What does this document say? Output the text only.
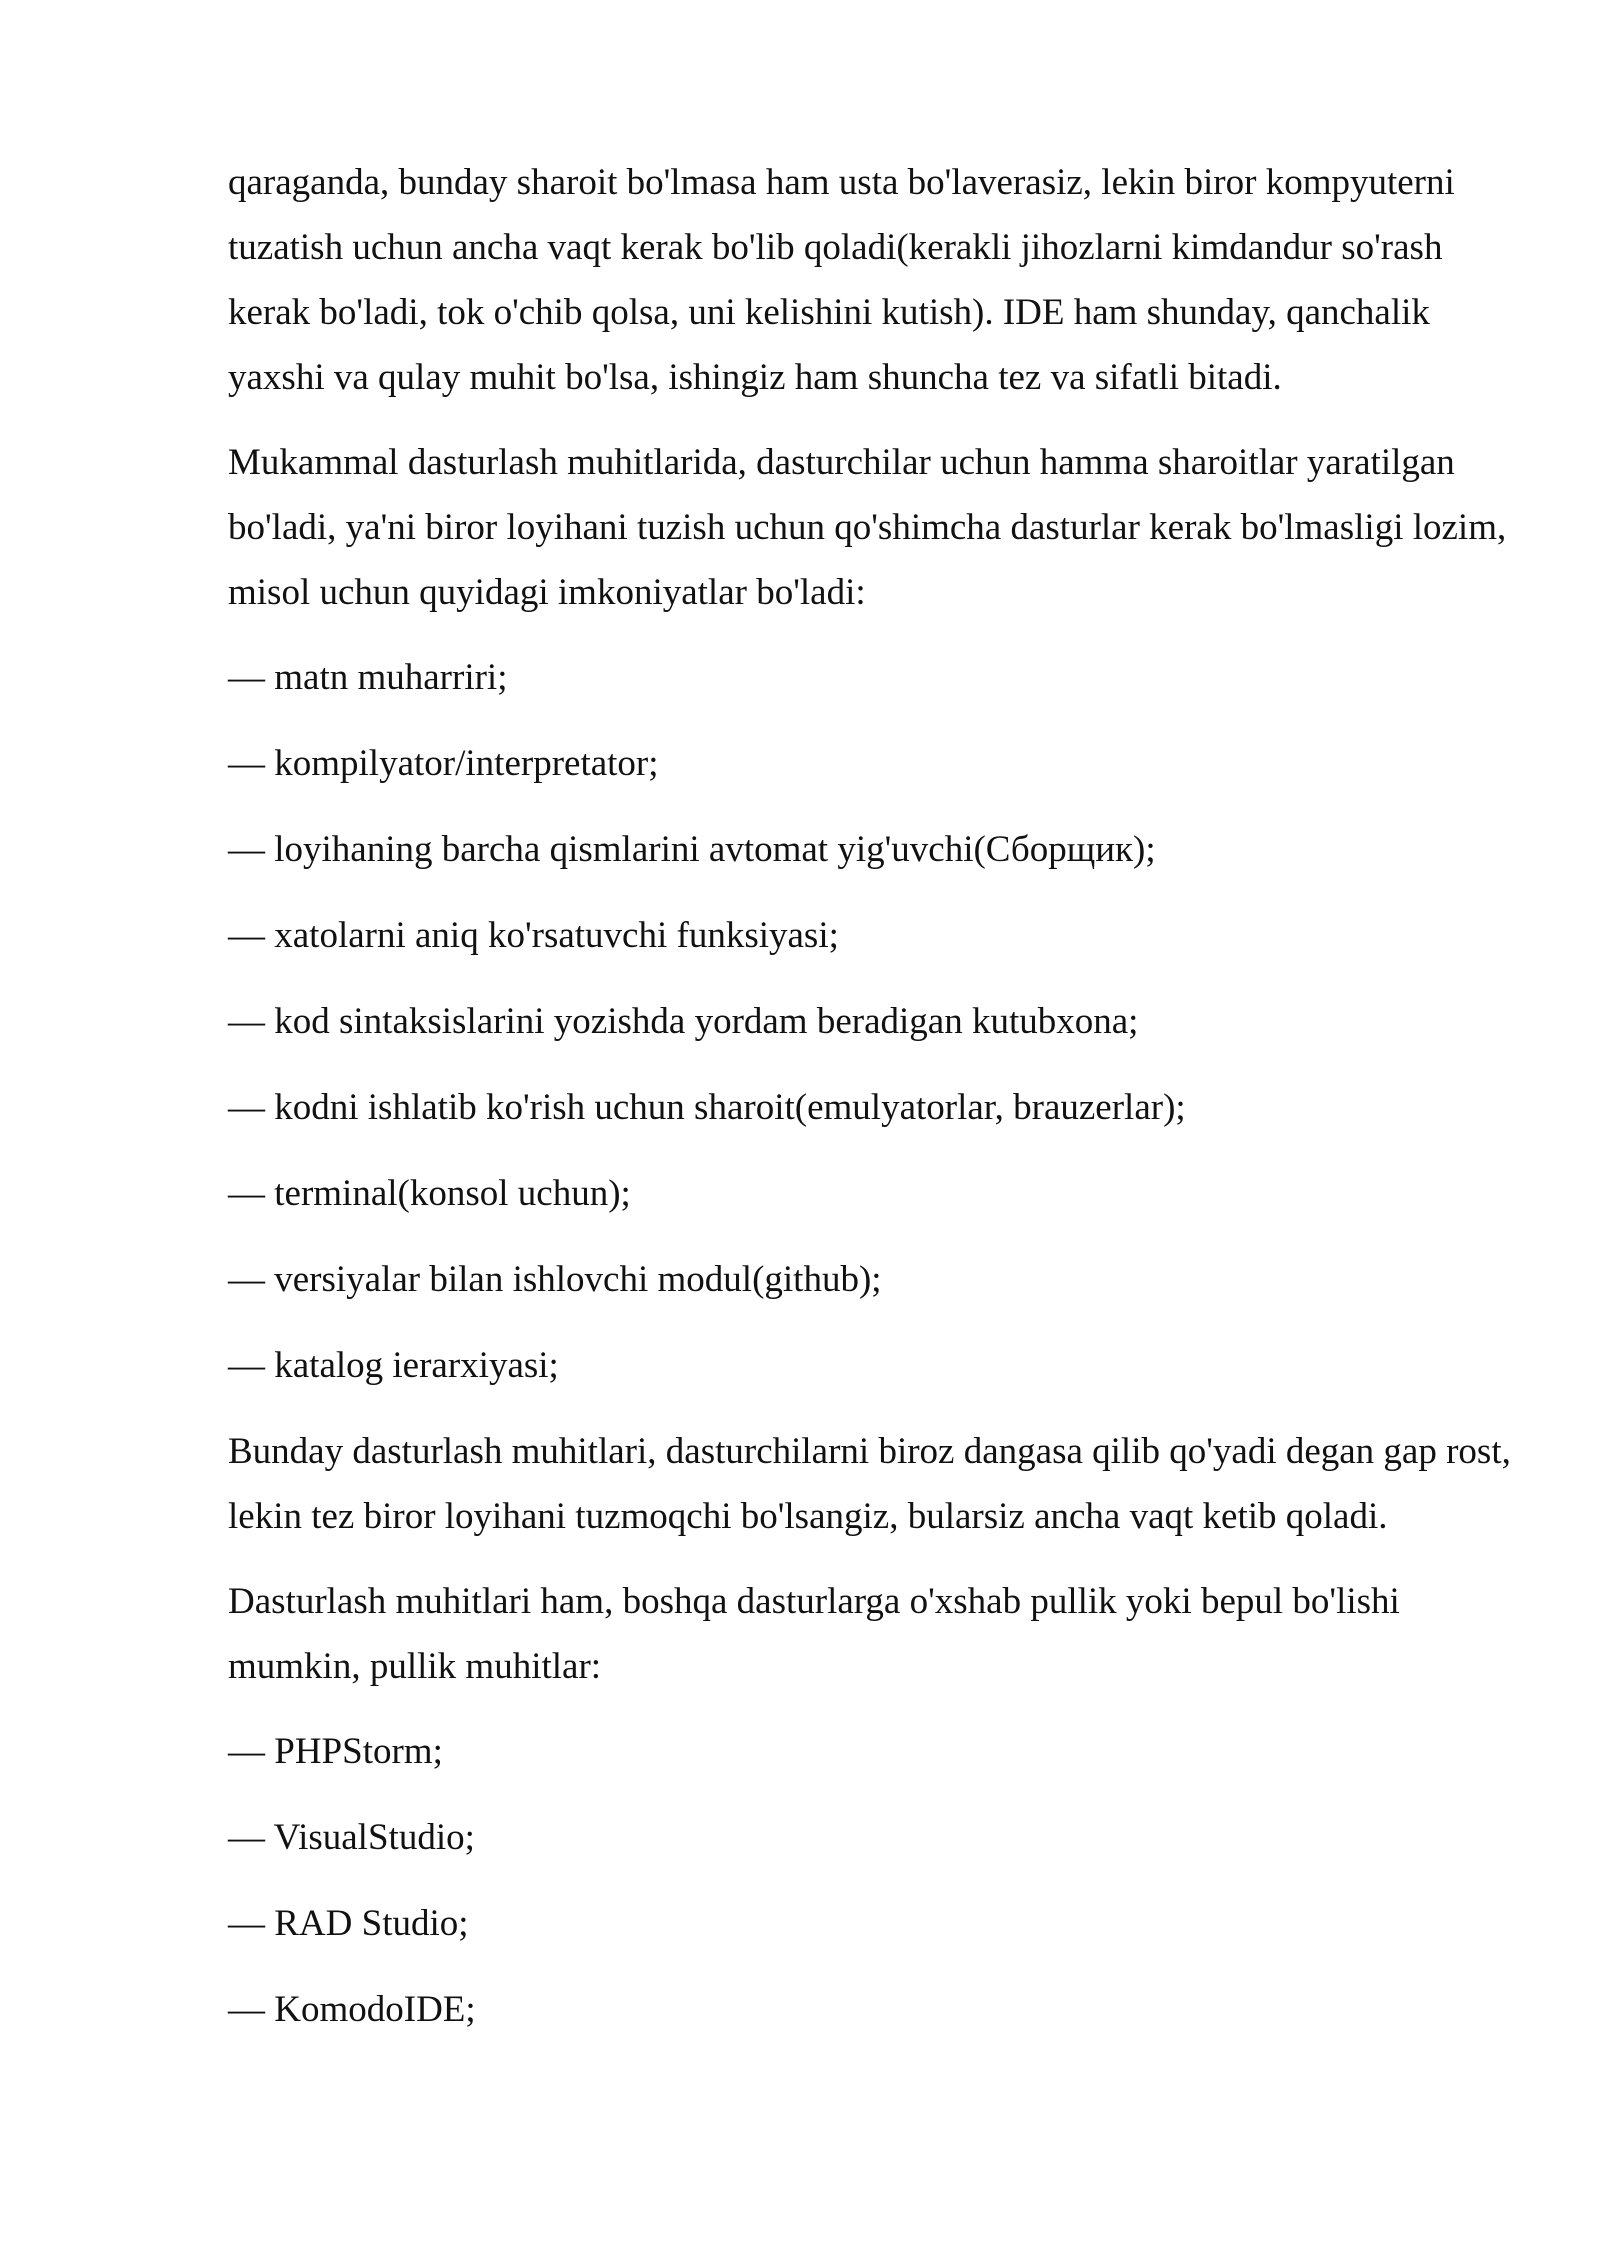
qaraganda, bunday sharoit bo'lmasa ham usta bo'laverasiz, lekin biror kompyuterni tuzatish uchun ancha vaqt kerak bo'lib qoladi(kerakli jihozlarni kimdandur so'rash kerak bo'ladi, tok o'chib qolsa, uni kelishini kutish). IDE ham shunday, qanchalik yaxshi va qulay muhit bo'lsa, ishingiz ham shuncha tez va sifatli bitadi.

Mukammal dasturlash muhitlarida, dasturchilar uchun hamma sharoitlar yaratilgan bo'ladi, ya'ni biror loyihani tuzish uchun qo'shimcha dasturlar kerak bo'lmasligi lozim, misol uchun quyidagi imkoniyatlar bo'ladi:

— matn muharriri;
— kompilyator/interpretator;
— loyihaning barcha qismlarini avtomat yig'uvchi(Сборщик);
— xatolarni aniq ko'rsatuvchi funksiyasi;
— kod sintaksislarini yozishda yordam beradigan kutubxona;
— kodni ishlatib ko'rish uchun sharoit(emulyatorlar, brauzerlar);
— terminal(konsol uchun);
— versiyalar bilan ishlovchi modul(github);
— katalog ierarxiyasi;

Bunday dasturlash muhitlari, dasturchilarni biroz dangasa qilib qo'yadi degan gap rost, lekin tez biror loyihani tuzmoqchi bo'lsangiz, bularsiz ancha vaqt ketib qoladi.

Dasturlash muhitlari ham, boshqa dasturlarga o'xshab pullik yoki bepul bo'lishi mumkin, pullik muhitlar:

— PHPStorm;
— VisualStudio;
— RAD Studio;
— KomodoIDE;
